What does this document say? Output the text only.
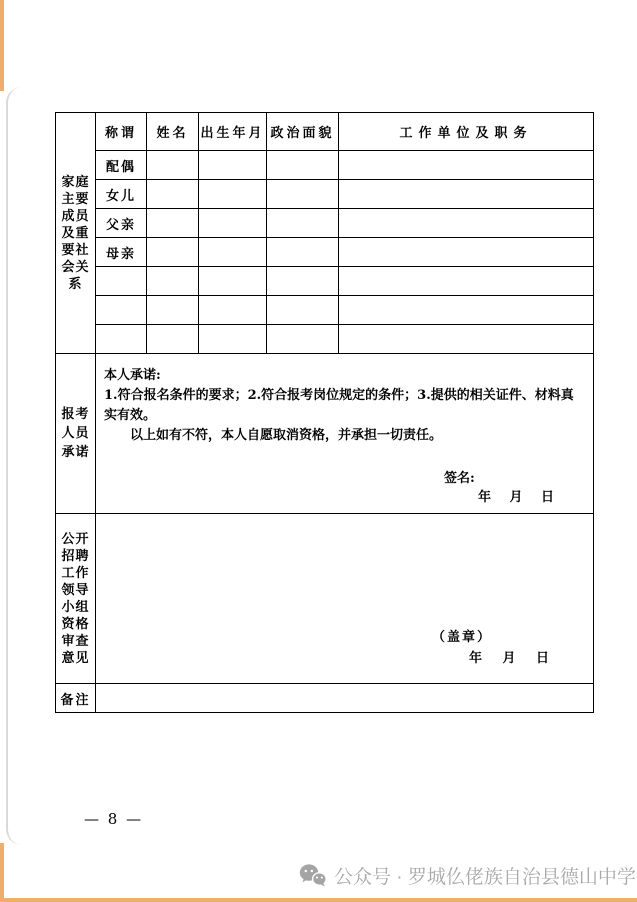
家庭
主要
成员
及重
要社
会关
系
称谓	姓名 出生年月 政治面貌	工作单位及职务
配偶
女儿
父亲
母亲
报考
人员
承诺
本人承诺:
1.符合报名条件的要求；2.符合报考岗位规定的条件；3.提供的相关证件、材料真实有效。
以上如有不符，本人自愿取消资格，并承担一切责任。
签名:
年 月 日
公开
招聘
工作
领导
小组
资格
审查
意见
（盖章）
年 月 日
备注
— 8 —
公众号 · 罗城仫佬族自治县德山中学
